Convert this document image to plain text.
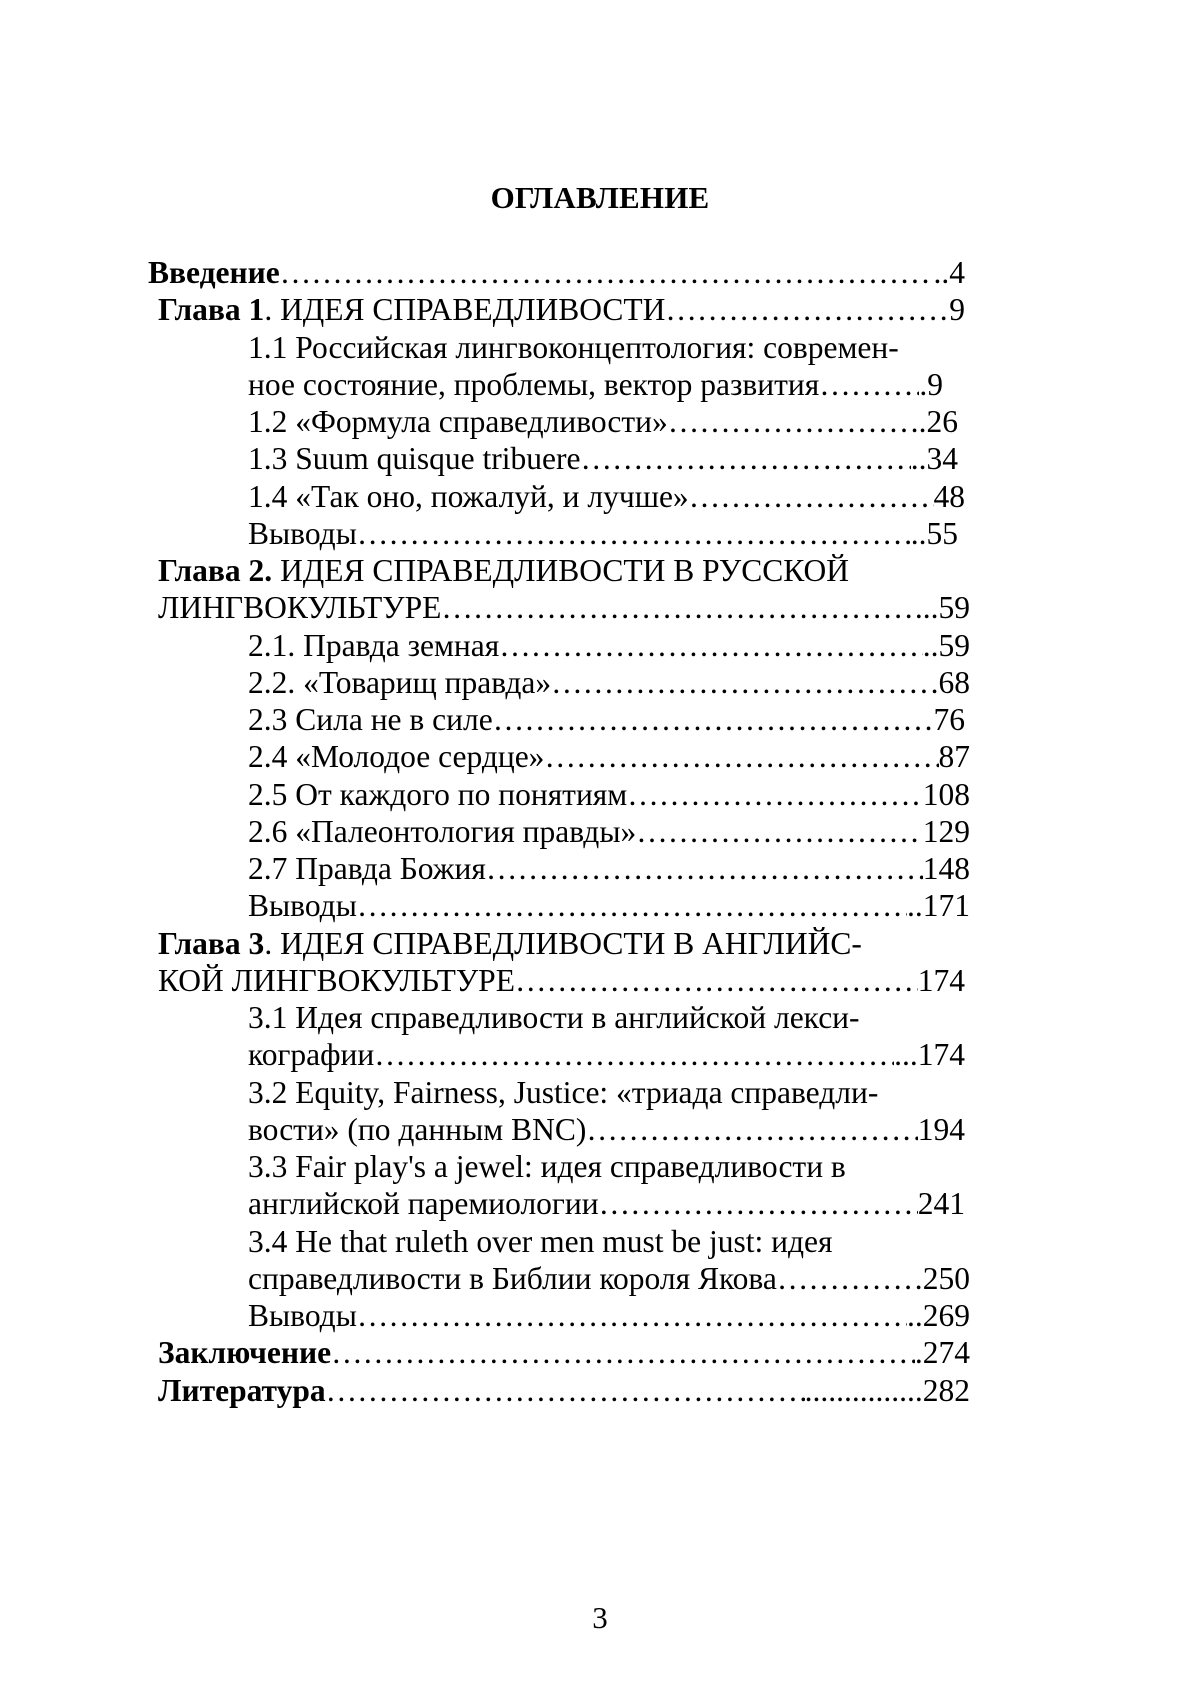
ОГЛАВЛЕНИЕ
Введение …………………………………………………………………………………………………………………………………………………………………………	..4
Глава 1. ИДЕЯ СПРАВЕДЛИВОСТИ …………………………………………………………………………………………………………………………………………………………………………	9
1.1 Российская лингвоконцептология: современ-
ное состояние, проблемы, вектор развития …………………………………………………………………………………………………………………………………………………………………………	.9
1.2 «Формула справедливости» …………………………………………………………………………………………………………………………………………………………………………	.26
1.3 Suum quisque tribuere …………………………………………………………………………………………………………………………………………………………………………	..34
1.4 «Так оно, пожалуй, и лучше» …………………………………………………………………………………………………………………………………………………………………………	48
Выводы …………………………………………………………………………………………………………………………………………………………………………	..55
Глава 2. ИДЕЯ СПРАВЕДЛИВОСТИ В РУССКОЙ
ЛИНГВОКУЛЬТУРЕ …………………………………………………………………………………………………………………………………………………………………………	...59
2.1. Правда земная …………………………………………………………………………………………………………………………………………………………………………	..59
2.2. «Товарищ правда» …………………………………………………………………………………………………………………………………………………………………………	.68
2.3 Сила не в силе …………………………………………………………………………………………………………………………………………………………………………	76
2.4 «Молодое сердце» …………………………………………………………………………………………………………………………………………………………………………	87
2.5 От каждого по понятиям …………………………………………………………………………………………………………………………………………………………………………	108
2.6 «Палеонтология правды» …………………………………………………………………………………………………………………………………………………………………………	129
2.7 Правда Божия …………………………………………………………………………………………………………………………………………………………………………	148
Выводы …………………………………………………………………………………………………………………………………………………………………………	..171
Глава 3. ИДЕЯ СПРАВЕДЛИВОСТИ В АНГЛИЙС-
КОЙ ЛИНГВОКУЛЬТУРЕ …………………………………………………………………………………………………………………………………………………………………………	174
3.1 Идея справедливости в английской лекси-
кографии …………………………………………………………………………………………………………………………………………………………………………	...174
3.2 Equity, Fairness, Justice: «триада справедли-
вости» (по данным BNC) …………………………………………………………………………………………………………………………………………………………………………	194
3.3 Fair play's a jewel: идея справедливости в
английской паремиологии …………………………………………………………………………………………………………………………………………………………………………	241
3.4 He that ruleth over men must be just: идея
справедливости в Библии короля Якова …………………………………………………………………………………………………………………………………………………………………………	250
Выводы …………………………………………………………………………………………………………………………………………………………………………	..269
Заключение …………………………………………………………………………………………………………………………………………………………………………	.274
Литература …………………………………………………………………………………………………………………………………………………………………………	...............282
3
